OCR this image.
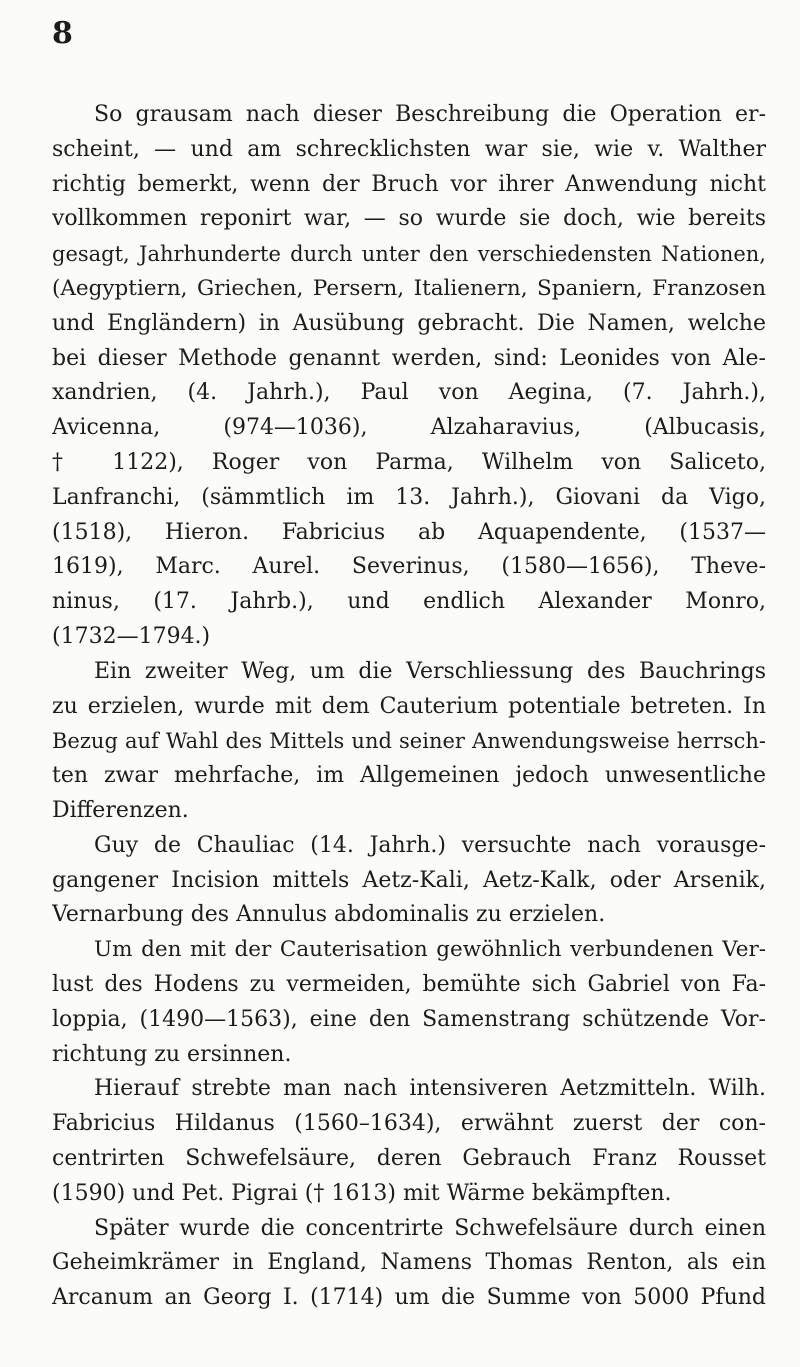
8
So grausam nach dieser Beschreibung die Operation er-
scheint, — und am schrecklichsten war sie, wie v. Walther
richtig bemerkt, wenn der Bruch vor ihrer Anwendung nicht
vollkommen reponirt war, — so wurde sie doch, wie bereits
gesagt, Jahrhunderte durch unter den verschiedensten Nationen,
(Aegyptiern, Griechen, Persern, Italienern, Spaniern, Franzosen
und Engländern) in Ausübung gebracht. Die Namen, welche
bei dieser Methode genannt werden, sind: Leonides von Ale-
xandrien, (4. Jahrh.), Paul von Aegina, (7. Jahrh.),
Avicenna, (974—1036), Alzaharavius, (Albucasis,
† 1122), Roger von Parma, Wilhelm von Saliceto,
Lanfranchi, (sämmtlich im 13. Jahrh.), Giovani da Vigo,
(1518), Hieron. Fabricius ab Aquapendente, (1537—
1619), Marc. Aurel. Severinus, (1580—1656), Theve-
ninus, (17. Jahrb.), und endlich Alexander Monro,
(1732—1794.)
Ein zweiter Weg, um die Verschliessung des Bauchrings
zu erzielen, wurde mit dem Cauterium potentiale betreten. In
Bezug auf Wahl des Mittels und seiner Anwendungsweise herrsch-
ten zwar mehrfache, im Allgemeinen jedoch unwesentliche
Differenzen.
Guy de Chauliac (14. Jahrh.) versuchte nach vorausge-
gangener Incision mittels Aetz-Kali, Aetz-Kalk, oder Arsenik,
Vernarbung des Annulus abdominalis zu erzielen.
Um den mit der Cauterisation gewöhnlich verbundenen Ver-
lust des Hodens zu vermeiden, bemühte sich Gabriel von Fa-
loppia, (1490—1563), eine den Samenstrang schützende Vor-
richtung zu ersinnen.
Hierauf strebte man nach intensiveren Aetzmitteln. Wilh.
Fabricius Hildanus (1560–1634), erwähnt zuerst der con-
centrirten Schwefelsäure, deren Gebrauch Franz Rousset
(1590) und Pet. Pigrai († 1613) mit Wärme bekämpften.
Später wurde die concentrirte Schwefelsäure durch einen
Geheimkrämer in England, Namens Thomas Renton, als ein
Arcanum an Georg I. (1714) um die Summe von 5000 Pfund
